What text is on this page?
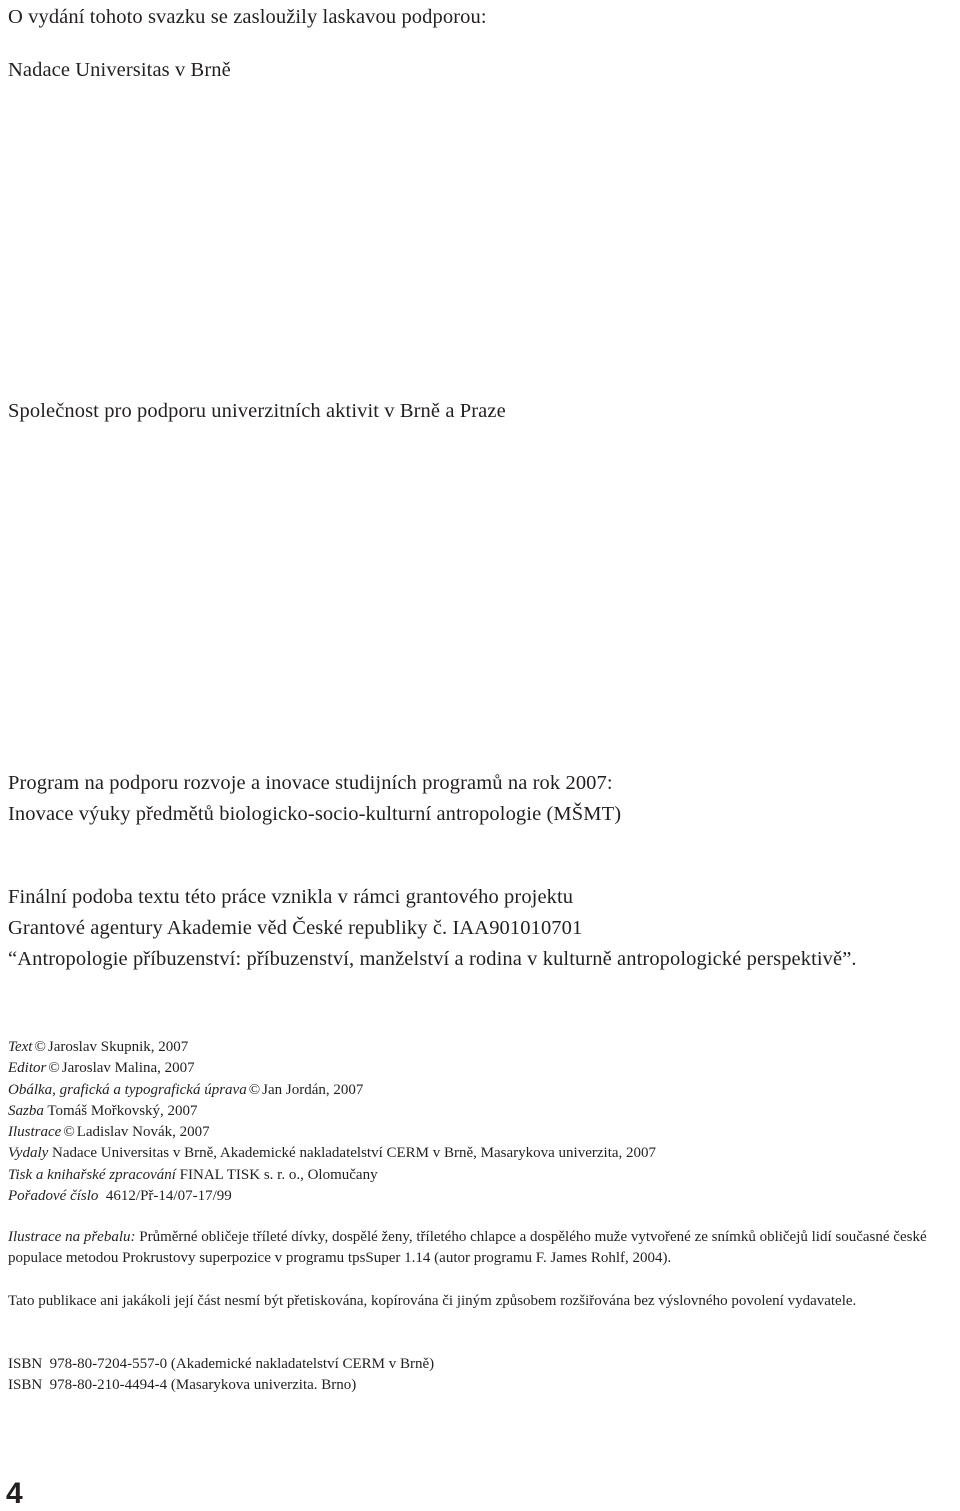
O vydání tohoto svazku se zasloužily laskavou podporou:

Nadace Universitas v Brně

Společnost pro podporu univerzitních aktivit v Brně a Praze

Program na podporu rozvoje a inovace studijních programů na rok 2007:
Inovace výuky předmětů biologicko-socio-kulturní antropologie (MŠMT)
Finální podoba textu této práce vznikla v rámci grantového projektu
Grantové agentury Akademie věd České republiky č. IAA901010701
“Antropologie příbuzenství: příbuzenství, manželství a rodina v kulturně antropologické perspektivě”.
Text © Jaroslav Skupnik, 2007
Editor © Jaroslav Malina, 2007
Obálka, grafická a typografická úprava © Jan Jordán, 2007
Sazba Tomáš Mořkovský, 2007
Ilustrace © Ladislav Novák, 2007
Vydaly Nadace Universitas v Brně, Akademické nakladatelství CERM v Brně, Masarykova univerzita, 2007
Tisk a knihařské zpracování FINAL TISK s. r. o., Olomučany
Pořadové číslo 4612/Př-14/07-17/99

Ilustrace na přebalu: Průměrné obličeje tříleté dívky, dospělé ženy, tříletého chlapce a dospělého muže vytvořené ze snímků obličejů lidí současné české populace metodou Prokrustovy superpozice v programu tpsSuper 1.14 (autor programu F. James Rohlf, 2004).

Tato publikace ani jakákoli její část nesmí být přetiskována, kopírována či jiným způsobem rozšiřována bez výslovného povolení vydavatele.

ISBN  978-80-7204-557-0 (Akademické nakladatelství CERM v Brně)
ISBN  978-80-210-4494-4 (Masarykova univerzita. Brno)

4
